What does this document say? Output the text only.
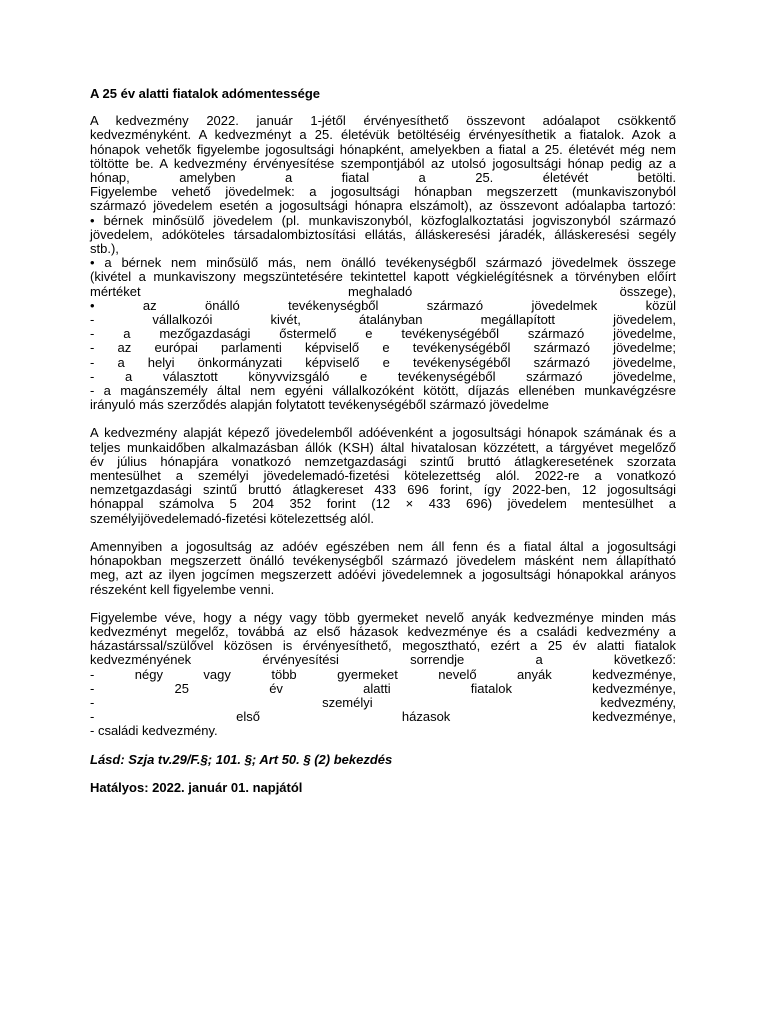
A 25 év alatti fiatalok adómentessége
A kedvezmény 2022. január 1-jétől érvényesíthető összevont adóalapot csökkentő
kedvezményként. A kedvezményt a 25. életévük betöltéséig érvényesíthetik a fiatalok. Azok a
hónapok vehetők figyelembe jogosultsági hónapként, amelyekben a fiatal a 25. életévét még nem
töltötte be. A kedvezmény érvényesítése szempontjából az utolsó jogosultsági hónap pedig az a
hónap, amelyben a fiatal a 25. életévét betölti.
Figyelembe vehető jövedelmek: a jogosultsági hónapban megszerzett (munkaviszonyból
származó jövedelem esetén a jogosultsági hónapra elszámolt), az összevont adóalapba tartozó:
• bérnek minősülő jövedelem (pl. munkaviszonyból, közfoglalkoztatási jogviszonyból származó
jövedelem, adóköteles társadalombiztosítási ellátás, álláskeresési járadék, álláskeresési segély
stb.),
• a bérnek nem minősülő más, nem önálló tevékenységből származó jövedelmek összege
(kivétel a munkaviszony megszüntetésére tekintettel kapott végkielégítésnek a törvényben előírt
mértéket meghaladó összege),
• az önálló tevékenységből származó jövedelmek közül
- vállalkozói kivét, átalányban megállapított jövedelem,
- a mezőgazdasági őstermelő e tevékenységéből származó jövedelme,
- az európai parlamenti képviselő e tevékenységéből származó jövedelme;
- a helyi önkormányzati képviselő e tevékenységéből származó jövedelme,
- a választott könyvvizsgáló e tevékenységéből származó jövedelme,
- a magánszemély által nem egyéni vállalkozóként kötött, díjazás ellenében munkavégzésre
irányuló más szerződés alapján folytatott tevékenységéből származó jövedelme
A kedvezmény alapját képező jövedelemből adóévenként a jogosultsági hónapok számának és a
teljes munkaidőben alkalmazásban állók (KSH) által hivatalosan közzétett, a tárgyévet megelőző
év július hónapjára vonatkozó nemzetgazdasági szintű bruttó átlagkeresetének szorzata
mentesülhet a személyi jövedelemadó-fizetési kötelezettség alól. 2022-re a vonatkozó
nemzetgazdasági szintű bruttó átlagkereset 433 696 forint, így 2022-ben, 12 jogosultsági
hónappal számolva 5 204 352 forint (12 × 433 696) jövedelem mentesülhet a
személyijövedelemadó-fizetési kötelezettség alól.
Amennyiben a jogosultság az adóév egészében nem áll fenn és a fiatal által a jogosultsági
hónapokban megszerzett önálló tevékenységből származó jövedelem másként nem állapítható
meg, azt az ilyen jogcímen megszerzett adóévi jövedelemnek a jogosultsági hónapokkal arányos
részeként kell figyelembe venni.
Figyelembe véve, hogy a négy vagy több gyermeket nevelő anyák kedvezménye minden más
kedvezményt megelőz, továbbá az első házasok kedvezménye és a családi kedvezmény a
házastárssal/szülővel közösen is érvényesíthető, megosztható, ezért a 25 év alatti fiatalok
kedvezményének érvényesítési sorrendje a következő:
- négy vagy több gyermeket nevelő anyák kedvezménye,
- 25 év alatti fiatalok kedvezménye,
- személyi kedvezmény,
- első házasok kedvezménye,
- családi kedvezmény.
Lásd: Szja tv.29/F.§; 101. §; Art 50. § (2) bekezdés
Hatályos: 2022. január 01. napjától
